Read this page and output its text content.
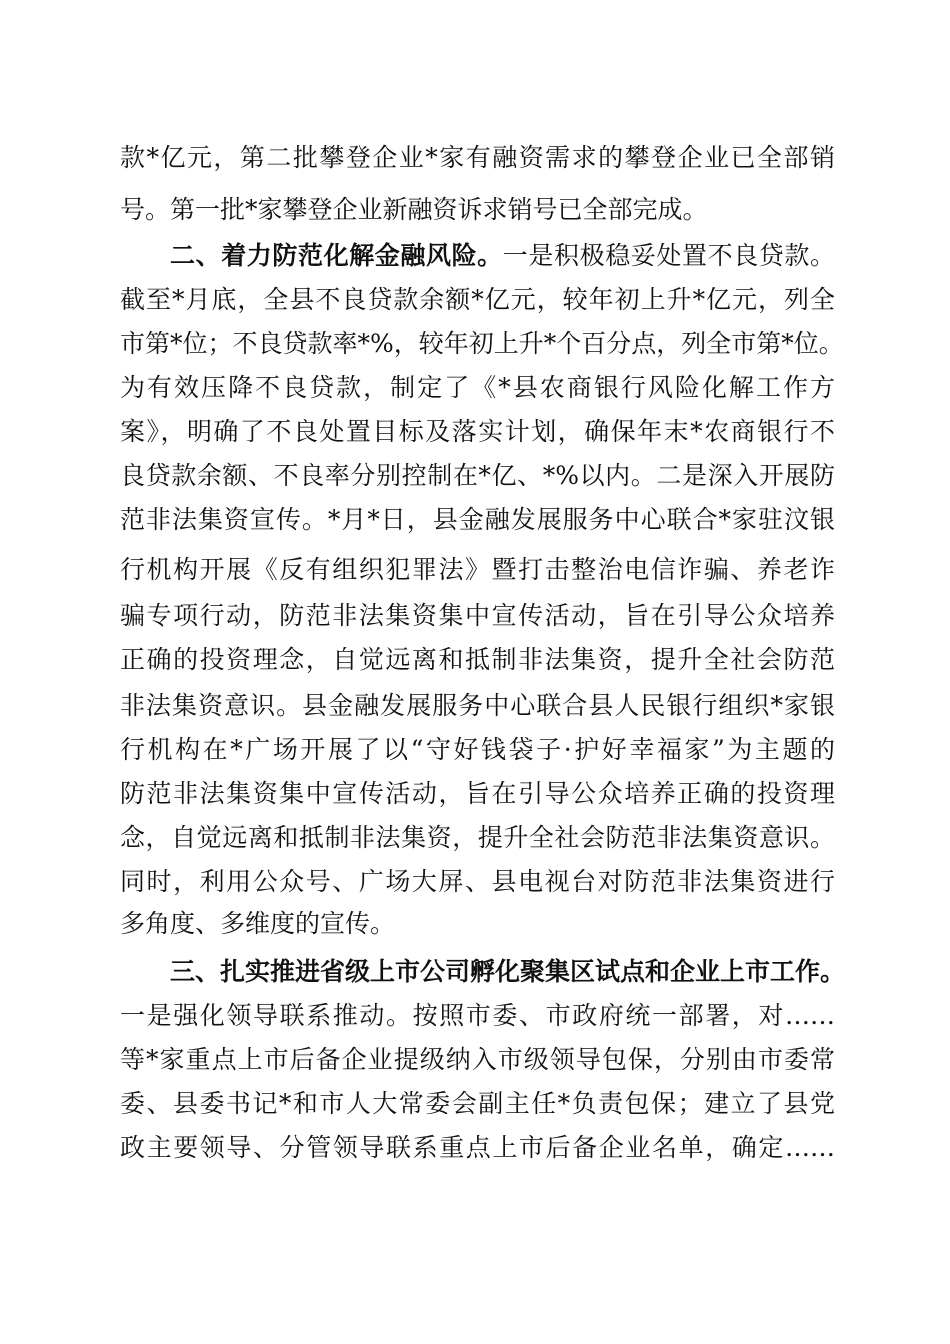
款*亿元，第二批攀登企业*家有融资需求的攀登企业已全部销
号。第一批*家攀登企业新融资诉求销号已全部完成。
二、着力防范化解金融风险。一是积极稳妥处置不良贷款。
截至*月底，全县不良贷款余额*亿元，较年初上升*亿元，列全
市第*位；不良贷款率*%，较年初上升*个百分点，列全市第*位。
为有效压降不良贷款，制定了《*县农商银行风险化解工作方
案》，明确了不良处置目标及落实计划，确保年末*农商银行不
良贷款余额、不良率分别控制在*亿、*%以内。二是深入开展防
范非法集资宣传。*月*日，县金融发展服务中心联合*家驻汶银
行机构开展《反有组织犯罪法》暨打击整治电信诈骗、养老诈
骗专项行动，防范非法集资集中宣传活动，旨在引导公众培养
正确的投资理念，自觉远离和抵制非法集资，提升全社会防范
非法集资意识。县金融发展服务中心联合县人民银行组织*家银
行机构在*广场开展了以“守好钱袋子·护好幸福家”为主题的
防范非法集资集中宣传活动，旨在引导公众培养正确的投资理
念，自觉远离和抵制非法集资，提升全社会防范非法集资意识。
同时，利用公众号、广场大屏、县电视台对防范非法集资进行
多角度、多维度的宣传。
三、扎实推进省级上市公司孵化聚集区试点和企业上市工作。
一是强化领导联系推动。按照市委、市政府统一部署，对……
等*家重点上市后备企业提级纳入市级领导包保，分别由市委常
委、县委书记*和市人大常委会副主任*负责包保；建立了县党
政主要领导、分管领导联系重点上市后备企业名单，确定……
